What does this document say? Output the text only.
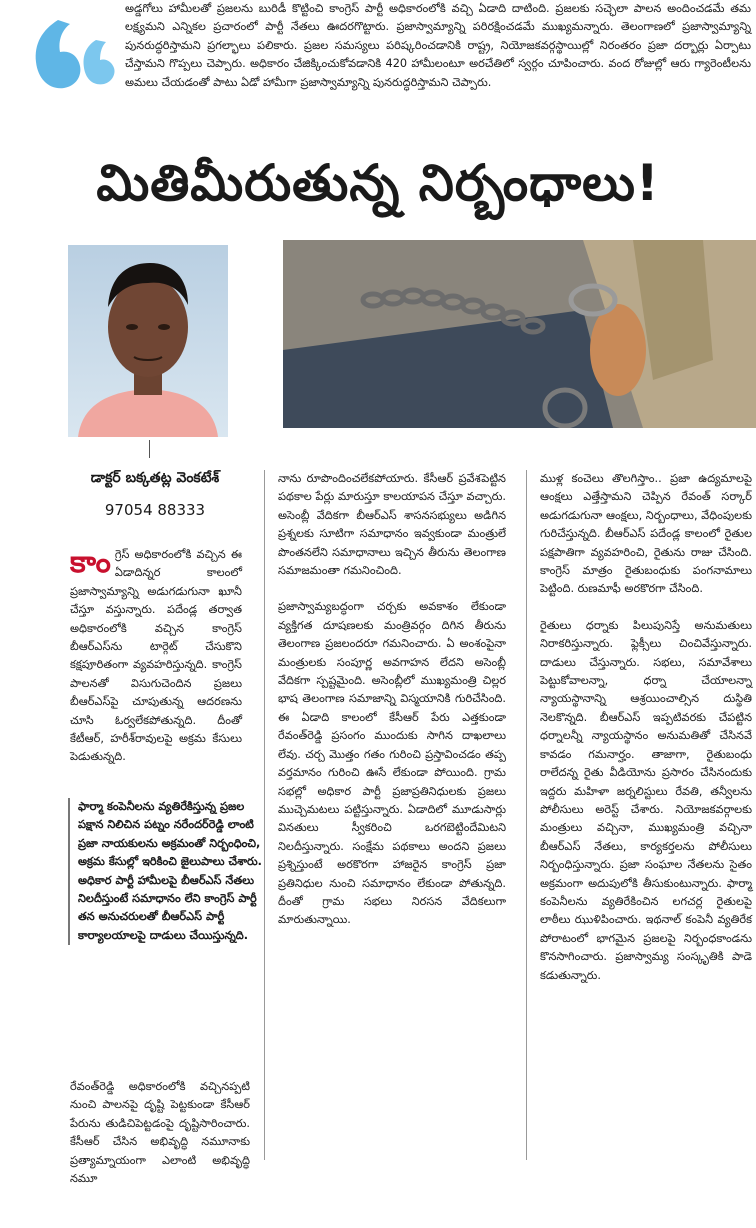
అడ్డగోలు హామీలతో ప్రజలను బురిడీ కొట్టించి కాంగ్రెస్ పార్టీ అధికారంలోకి వచ్చి ఏడాది దాటింది. ప్రజలకు సచ్ఛెలా పాలన అందించడమే తమ లక్ష్యమని ఎన్నికల ప్రచారంలో పార్టీ నేతలు ఊదరగొట్టారు. ప్రజాస్వామ్యాన్ని పరిరక్షించడమే ముఖ్యమన్నారు. తెలంగాణలో ప్రజాస్వామ్యాన్ని పునరుద్ధరిస్తామని ప్రగల్భాలు పలికారు. ప్రజల సమస్యలు పరిష్కరించడానికి రాష్ట్ర, నియోజకవర్గస్థాయిల్లో నిరంతరం ప్రజా దర్బార్లు ఏర్పాటు చేస్తామని గొప్పలు చెప్పారు. అధికారం చేజిక్కించుకోవడానికి 420 హామీలంటూ అరచేతిలో స్వర్గం చూపించారు. వంద రోజుల్లో ఆరు గ్యారెంటీలను అమలు చేయడంతో పాటు ఏడో హామీగా ప్రజాస్వామ్యాన్ని పునరుద్ధరిస్తామని చెప్పారు.

మితిమీరుతున్న నిర్బంధాలు!
డాక్టర్ బక్కతట్ల వెంకటేశ్
97054 88333
కాం గ్రెస్ అధికారంలోకి వచ్చిన ఈ ఏడాదిన్నర కాలంలో ప్రజాస్వామ్యాన్ని అడుగడుగునా ఖూనీ చేస్తూ వస్తున్నారు. పదేండ్ల తర్వాత అధికారంలోకి వచ్చిన కాంగ్రెస్ బీఆర్ఎస్‌ను టార్గెట్ చేసుకొని కక్షపూరితంగా వ్యవహరిస్తున్నది. కాంగ్రెస్ పాలనతో విసుగుచెందిన ప్రజలు బీఆర్ఎస్‌పై చూపుతున్న ఆదరణను చూసి ఓర్వలేకపోతున్నది. దీంతో కేటీఆర్, హరీశ్‌రావులపై అక్రమ కేసులు పెడుతున్నది.
ఫార్మా కంపెనీలను వ్యతిరేకిస్తున్న ప్రజల పక్షాన నిలిచిన పట్నం నరేందర్‌రెడ్డి లాంటి ప్రజా నాయకులను అక్రమంతో నిర్బంధించి, అక్రమ కేసుల్లో ఇరికించి జైలుపాలు చేశారు. అధికార పార్టీ హామీలపై బీఆర్ఎస్ నేతలు నిలదీస్తుంటే సమాధానం లేని కాంగ్రెస్ పార్టీ తన అనుచరులతో బీఆర్ఎస్ పార్టీ కార్యాలయాలపై దాడులు చేయిస్తున్నది.
రేవంత్‌రెడ్డి అధికారంలోకి వచ్చినప్పటి నుంచి పాలనపై దృష్టి పెట్టకుండా కేసీఆర్ పేరును తుడిచిపెట్టడంపై దృష్టిసారించారు. కేసీఆర్ చేసిన అభివృద్ధి నమూనాకు ప్రత్యామ్నాయంగా ఎలాంటి అభివృద్ధి నమూ

నాను రూపొందించలేకపోయారు. కేసీఆర్ ప్రవేశపెట్టిన పథకాల పేర్లు మారుస్తూ కాలయాపన చేస్తూ వచ్చారు. అసెంబ్లీ వేదికగా బీఆర్ఎస్ శాసనసభ్యులు అడిగిన ప్రశ్నలకు సూటిగా సమాధానం ఇవ్వకుండా మంత్రులే పొంతనలేని సమాధానాలు ఇచ్చిన తీరును తెలంగాణ సమాజమంతా గమనించింది.

ప్రజాస్వామ్యబద్ధంగా చర్చకు అవకాశం లేకుండా వ్యక్తిగత దూషణలకు మంత్రివర్గం దిగిన తీరును తెలంగాణ ప్రజలందరూ గమనించారు. ఏ అంశంపైనా మంత్రులకు సంపూర్ణ అవగాహన లేదని అసెంబ్లీ వేదికగా స్పష్టమైంది. అసెంబ్లీలో ముఖ్యమంత్రి చిల్లర భాష తెలంగాణ సమాజాన్ని విస్మయానికి గురిచేసింది. ఈ ఏడాది కాలంలో కేసీఆర్ పేరు ఎత్తకుండా రేవంత్‌రెడ్డి ప్రసంగం ముందుకు సాగిన దాఖలాలు లేవు. చర్చ మొత్తం గతం గురించి ప్రస్తావించడం తప్ప వర్తమానం గురించి ఊసే లేకుండా పోయింది. గ్రామ సభల్లో అధికార పార్టీ ప్రజాప్రతినిధులకు ప్రజలు ముచ్చెమటలు పట్టిస్తున్నారు. ఏడాదిలో మూడుసార్లు వినతులు స్వీకరించి ఒరగబెట్టిందేమిటని నిలదీస్తున్నారు. సంక్షేమ పథకాలు అందని ప్రజలు ప్రశ్నిస్తుంటే అరకొరగా హాజరైన కాంగ్రెస్ ప్రజా ప్రతినిధుల నుంచి సమాధానం లేకుండా పోతున్నది. దీంతో గ్రామ సభలు నిరసన వేదికలుగా మారుతున్నాయి.

ముళ్ల కంచెలు తొలగిస్తాం.. ప్రజా ఉద్యమాలపై ఆంక్షలు ఎత్తేస్తామని చెప్పిన రేవంత్ సర్కార్ అడుగడుగునా ఆంక్షలు, నిర్బంధాలు, వేధింపులకు గురిచేస్తున్నది. బీఆర్ఎస్ పదేండ్ల కాలంలో రైతుల పక్షపాతిగా వ్యవహరించి, రైతును రాజు చేసింది. కాంగ్రెస్ మాత్రం రైతుబంధుకు పంగనామాలు పెట్టింది. రుణమాఫీ అరకొరగా చేసింది.

రైతులు ధర్నాకు పిలుపునిస్తే అనుమతులు నిరాకరిస్తున్నారు. ఫ్లెక్సీలు చించివేస్తున్నారు. దాడులు చేస్తున్నారు. సభలు, సమావేశాలు పెట్టుకోవాలన్నా, ధర్నా చేయాలన్నా న్యాయస్థానాన్ని ఆశ్రయించాల్సిన దుస్థితి నెలకొన్నది. బీఆర్ఎస్ ఇప్పటివరకు చేపట్టిన ధర్నాలన్నీ న్యాయస్థానం అనుమతితో చేసినవే కావడం గమనార్హం. తాజాగా, రైతుబంధు రాలేదన్న రైతు వీడియోను ప్రసారం చేసినందుకు ఇద్దరు మహిళా జర్నలిస్టులు రేవతి, తన్వీలను పోలీసులు అరెస్ట్ చేశారు. నియోజకవర్గాలకు మంత్రులు వచ్చినా, ముఖ్యమంత్రి వచ్చినా బీఆర్ఎస్ నేతలు, కార్యకర్తలను పోలీసులు నిర్బంధిస్తున్నారు. ప్రజా సంఘాల నేతలను సైతం అక్రమంగా అదుపులోకి తీసుకుంటున్నారు. ఫార్మా కంపెనీలను వ్యతిరేకించిన లగచర్ల రైతులపై లాఠీలు ఝుళిపించారు. ఇథనాల్ కంపెనీ వ్యతిరేక పోరాటంలో భాగమైన ప్రజలపై నిర్బంధకాండను కొనసాగించారు. ప్రజాస్వామ్య సంస్కృతికి పాడె కడుతున్నారు.
